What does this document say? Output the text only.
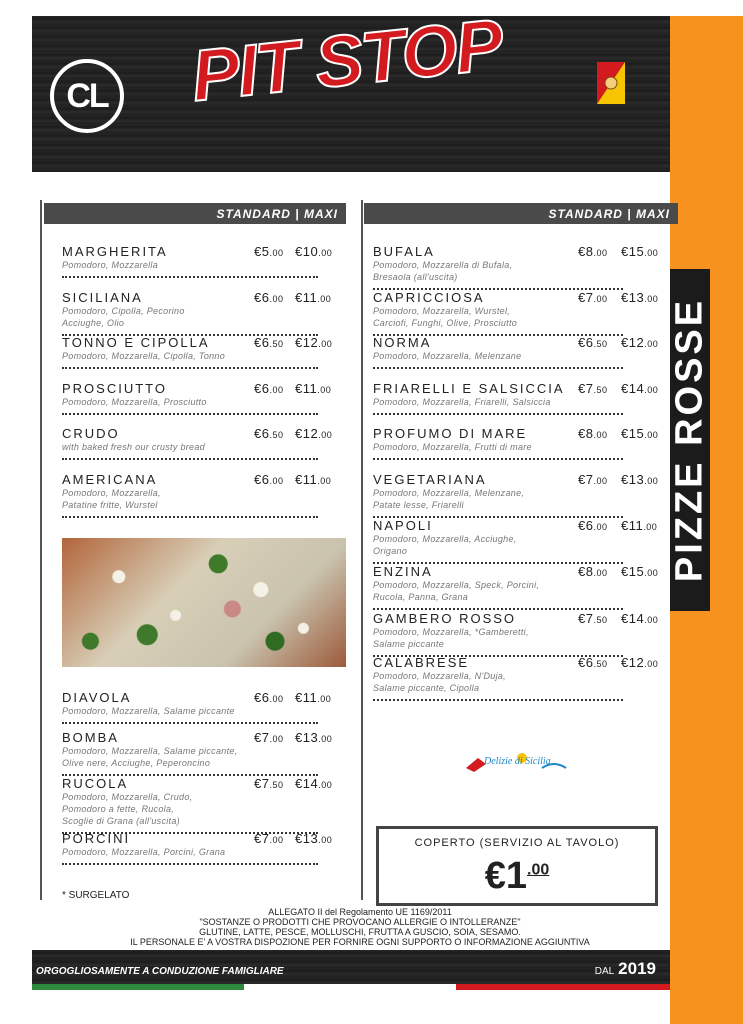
CL PIT STOP
PIZZE ROSSE
STANDARD | MAXI	STANDARD | MAXI
MARGHERITA	€5.00 €10.00
Pomodoro, Mozzarella
SICILIANA	€6.00 €11.00
Pomodoro, Cipolla, Pecorino
Acciughe, Olio
TONNO E CIPOLLA	€6.50 €12.00
Pomodoro, Mozzarella, Cipolla, Tonno
PROSCIUTTO	€6.00 €11.00
Pomodoro, Mozzarella, Prosciutto
CRUDO	€6.50 €12.00
with baked fresh our crusty bread
AMERICANA	€6.00 €11.00
Pomodoro, Mozzarella,
Patatine fritte, Wurstel
DIAVOLA	€6.00 €11.00
Pomodoro, Mozzarella, Salame piccante
BOMBA	€7.00 €13.00
Pomodoro, Mozzarella, Salame piccante,
Olive nere, Acciughe, Peperoncino
RUCOLA	€7.50 €14.00
Pomodoro, Mozzarella, Crudo,
Pomodoro a fette, Rucola,
Scoglie di Grana (all'uscita)
PORCINI	€7.00 €13.00
Pomodoro, Mozzarella, Porcini, Grana
BUFALA	€8.00 €15.00
Pomodoro, Mozzarella di Bufala,
Bresaola (all'uscita)
CAPRICCIOSA	€7.00 €13.00
Pomodoro, Mozzarella, Wurstel,
Carciofi, Funghi, Olive, Prosciutto
NORMA	€6.50 €12.00
Pomodoro, Mozzarella, Melenzane
FRIARELLI E SALSICCIA €7.50 €14.00
Pomodoro, Mozzarella, Friarelli, Salsiccia
PROFUMO DI MARE	€8.00 €15.00
Pomodoro, Mozzarella, Frutti di mare
VEGETARIANA	€7.00 €13.00
Pomodoro, Mozzarella, Melenzane,
Patate lesse, Friarelli
NAPOLI	€6.00 €11.00
Pomodoro, Mozzarella, Acciughe,
Origano
ENZINA	€8.00 €15.00
Pomodoro, Mozzarella, Speck, Porcini,
Rucola, Panna, Grana
GAMBERO ROSSO	€7.50 €14.00
Pomodoro, Mozzarella, *Gamberetti,
Salame piccante
CALABRESE	€6.50 €12.00
Pomodoro, Mozzarella, N'Duja,
Salame piccante, Cipolla
* SURGELATO
Delizie di Sicilia
COPERTO (SERVIZIO AL TAVOLO)
$€1^{.00}$
ALLEGATO II del Regolamento UE 1169/2011
"SOSTANZE O PRODOTTI CHE PROVOCANO ALLERGIE O INTOLLERANZE"
GLUTINE, LATTE, PESCE, MOLLUSCHI, FRUTTA A GUSCIO, SOIA, SESAMO.
IL PERSONALE E' A VOSTRA DISPOZIONE PER FORNIRE OGNI SUPPORTO O INFORMAZIONE AGGIUNTIVA
ORGOGLIOSAMENTE A CONDUZIONE FAMIGLIARE	DAL 2019
